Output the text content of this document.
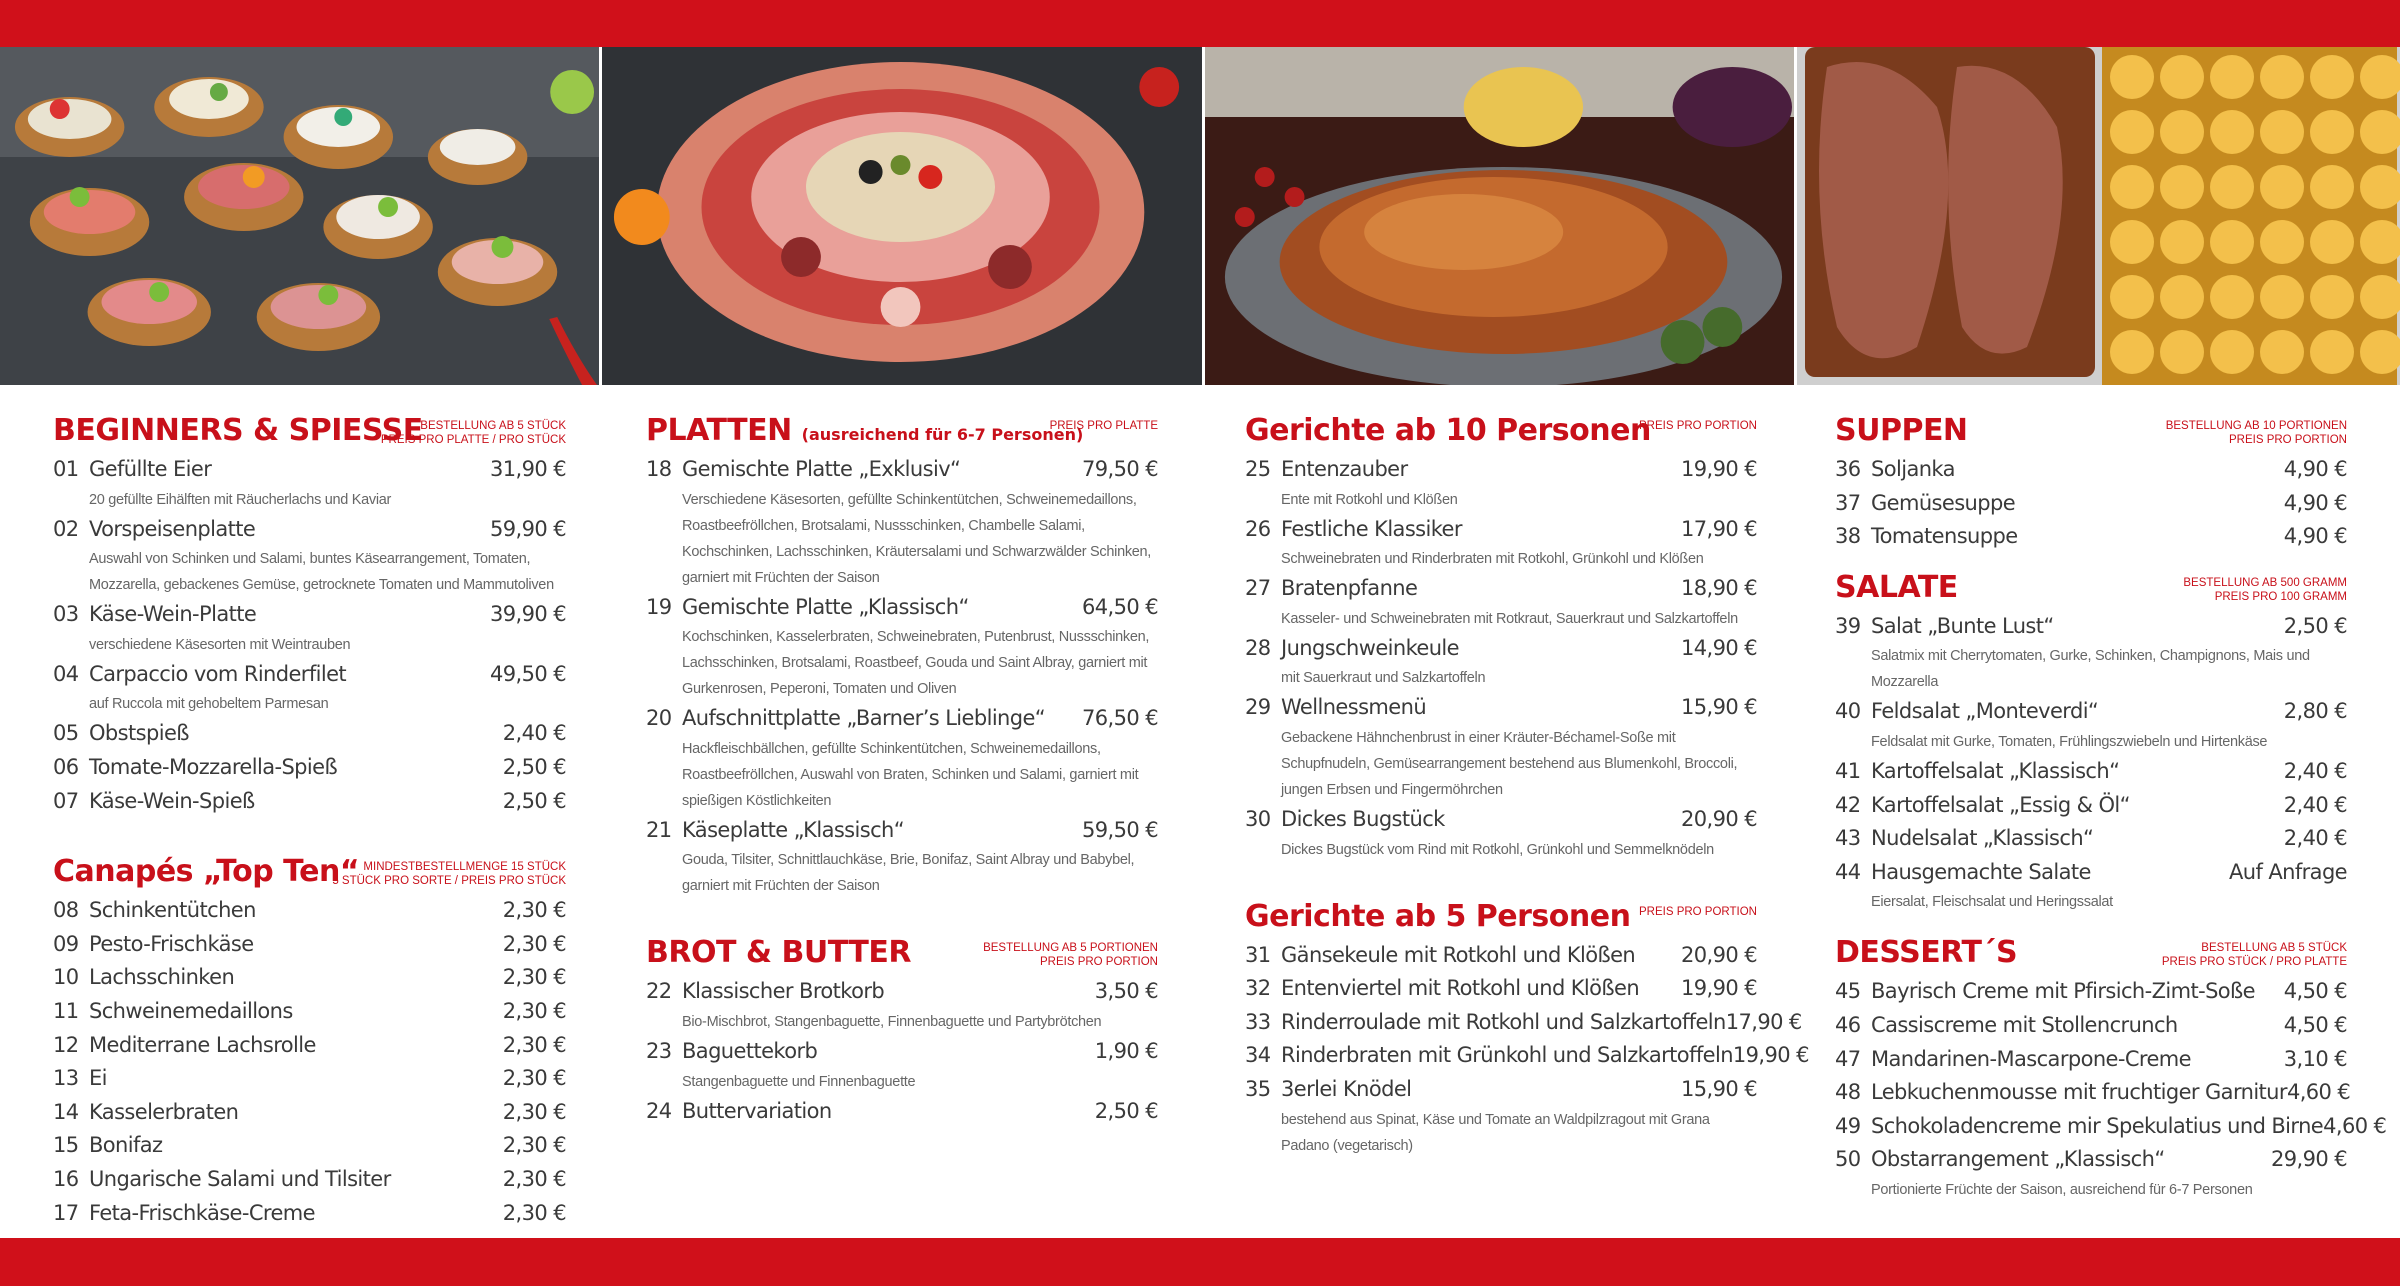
BEGINNERS & SPIESSE
BESTELLUNG AB 5 STÜCK
PREIS PRO PLATTE / PRO STÜCK
01 Gefüllte Eier	31,90 €
20 gefüllte Eihälften mit Räucherlachs und Kaviar
02 Vorspeisenplatte	59,90 €
Auswahl von Schinken und Salami, buntes Käsearrangement, Tomaten, Mozzarella, gebackenes Gemüse, getrocknete Tomaten und Mammutoliven
03 Käse-Wein-Platte	39,90 €
verschiedene Käsesorten mit Weintrauben
04 Carpaccio vom Rinderfilet	49,50 €
auf Ruccola mit gehobeltem Parmesan
05 Obstspieß	2,40 €
06 Tomate-Mozzarella-Spieß	2,50 €
07 Käse-Wein-Spieß	2,50 €
Canapés „Top Ten“ MINDESTBESTELLMENGE 15 STÜCK
5 STÜCK PRO SORTE / PREIS PRO STÜCK
08 Schinkentütchen	2,30 €
09 Pesto-Frischkäse	2,30 €
10 Lachsschinken	2,30 €
11 Schweinemedaillons	2,30 €
12 Mediterrane Lachsrolle	2,30 €
13 Ei	2,30 €
14 Kasselerbraten	2,30 €
15 Bonifaz	2,30 €
16 Ungarische Salami und Tilsiter	2,30 €
17 Feta-Frischkäse-Creme	2,30 €
PLATTEN (ausreichend für 6-7 Personen)
PREIS PRO PLATTE
18 Gemischte Platte „Exklusiv“	79,50 €
Verschiedene Käsesorten, gefüllte Schinkentütchen, Schweinemedaillons, Roastbeefröllchen, Brotsalami, Nussschinken, Chambelle Salami, Kochschinken, Lachsschinken, Kräutersalami und Schwarzwälder Schinken, garniert mit Früchten der Saison
19 Gemischte Platte „Klassisch“	64,50 €
Kochschinken, Kasselerbraten, Schweinebraten, Putenbrust, Nussschinken, Lachsschinken, Brotsalami, Roastbeef, Gouda und Saint Albray, garniert mit Gurkenrosen, Peperoni, Tomaten und Oliven
20 Aufschnittplatte „Barner’s Lieblinge“	76,50 €
Hackfleischbällchen, gefüllte Schinkentütchen, Schweinemedaillons, Roastbeefröllchen, Auswahl von Braten, Schinken und Salami, garniert mit spießigen Köstlichkeiten
21 Käseplatte „Klassisch“	59,50 €
Gouda, Tilsiter, Schnittlauchkäse, Brie, Bonifaz, Saint Albray und Babybel, garniert mit Früchten der Saison
BROT & BUTTER	BESTELLUNG AB 5 PORTIONEN
PREIS PRO PORTION
22 Klassischer Brotkorb	3,50 €
Bio-Mischbrot, Stangenbaguette, Finnenbaguette und Partybrötchen
23 Baguettekorb	1,90 €
Stangenbaguette und Finnenbaguette
24 Buttervariation	2,50 €
Gerichte ab 10 Personen
PREIS PRO PORTION
25 Entenzauber	19,90 €
Ente mit Rotkohl und Klößen
26 Festliche Klassiker	17,90 €
Schweinebraten und Rinderbraten mit Rotkohl, Grünkohl und Klößen
27 Bratenpfanne	18,90 €
Kasseler- und Schweinebraten mit Rotkraut, Sauerkraut und Salzkartoffeln
28 Jungschweinkeule	14,90 €
mit Sauerkraut und Salzkartoffeln
29 Wellnessmenü	15,90 €
Gebackene Hähnchenbrust in einer Kräuter-Béchamel-Soße mit Schupfnudeln, Gemüsearrangement bestehend aus Blumenkohl, Broccoli, jungen Erbsen und Fingermöhrchen
30 Dickes Bugstück	20,90 €
Dickes Bugstück vom Rind mit Rotkohl, Grünkohl und Semmelknödeln
Gerichte ab 5 Personen PREIS PRO PORTION
31 Gänsekeule mit Rotkohl und Klößen	20,90 €
32 Entenviertel mit Rotkohl und Klößen	19,90 €
33 Rinderroulade mit Rotkohl und Salzkartoffeln 17,90 €
34 Rinderbraten mit Grünkohl und Salzkartoffeln 19,90 €
35 3erlei Knödel	15,90 €
bestehend aus Spinat, Käse und Tomate an Waldpilzragout mit Grana Padano (vegetarisch)
SUPPEN	BESTELLUNG AB 10 PORTIONEN
PREIS PRO PORTION
36 Soljanka	4,90 €
37 Gemüsesuppe	4,90 €
38 Tomatensuppe	4,90 €
SALATE	BESTELLUNG AB 500 GRAMM
PREIS PRO 100 GRAMM
39 Salat „Bunte Lust“	2,50 €
Salatmix mit Cherrytomaten, Gurke, Schinken, Champignons, Mais und Mozzarella
40 Feldsalat „Monteverdi“	2,80 €
Feldsalat mit Gurke, Tomaten, Frühlingszwiebeln und Hirtenkäse
41 Kartoffelsalat „Klassisch“	2,40 €
42 Kartoffelsalat „Essig & Öl“	2,40 €
43 Nudelsalat „Klassisch“	2,40 €
44 Hausgemachte Salate	Auf Anfrage
Eiersalat, Fleischsalat und Heringssalat
DESSERT´S	BESTELLUNG AB 5 STÜCK
PREIS PRO STÜCK / PRO PLATTE
45 Bayrisch Creme mit Pfirsich-Zimt-Soße	4,50 €
46 Cassiscreme mit Stollencrunch	4,50 €
47 Mandarinen-Mascarpone-Creme	3,10 €
48 Lebkuchenmousse mit fruchtiger Garnitur 4,60 €
49 Schokoladencreme mir Spekulatius und Birne 4,60 €
50 Obstarrangement „Klassisch“	29,90 €
Portionierte Früchte der Saison, ausreichend für 6-7 Personen
